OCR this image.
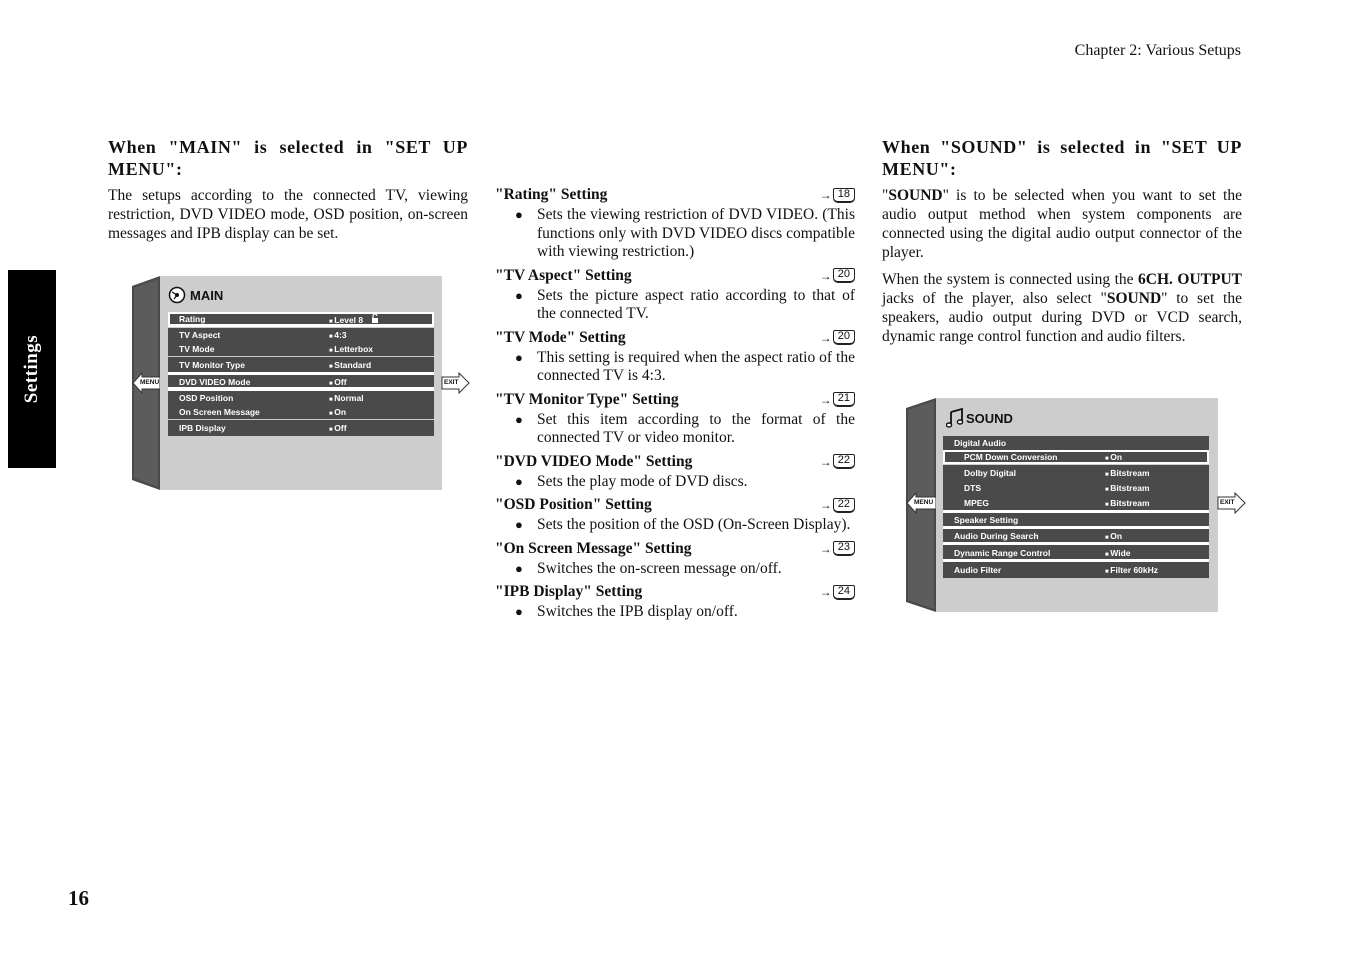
Chapter 2: Various Setups
16
Settings
When "MAIN" is selected in "SET UP
MENU":

The setups according to the connected TV, viewing restriction, DVD VIDEO mode, OSD position, on-screen messages and IPB display can be set.

MAIN
Rating	■ Level 8
TV Aspect	■ 4:3
TV Mode	■ Letterbox
TV Monitor Type	■ Standard
DVD VIDEO Mode	■ Off
OSD Position	■ Normal
On Screen Message	■ On
IPB Display	■ Off
MENU	EXIT
"Rating" Setting	→ 18
● Sets the viewing restriction of DVD VIDEO. (This functions only with DVD VIDEO discs compatible with viewing restriction.)
"TV Aspect" Setting	→ 20
● Sets the picture aspect ratio according to that of the connected TV.
"TV Mode" Setting	→ 20
● This setting is required when the aspect ratio of the connected TV is 4:3.
"TV Monitor Type" Setting	→ 21
● Set this item according to the format of the connected TV or video monitor.
"DVD VIDEO Mode" Setting	→ 22
● Sets the play mode of DVD discs.
"OSD Position" Setting	→ 22
● Sets the position of the OSD (On-Screen Display).
"On Screen Message" Setting	→ 23
● Switches the on-screen message on/off.
"IPB Display" Setting	→ 24
● Switches the IPB display on/off.
When "SOUND" is selected in "SET UP
MENU":

"SOUND" is to be selected when you want to set the audio output method when system components are connected using the digital audio output connector of the player.

When the system is connected using the 6CH. OUTPUT jacks of the player, also select "SOUND" to set the speakers, audio output during DVD or VCD search, dynamic range control function and audio filters.

SOUND
Digital Audio
PCM Down Conversion	■ On
Dolby Digital	■ Bitstream
DTS	■ Bitstream
MPEG	■ Bitstream
Speaker Setting
Audio During Search	■ On
Dynamic Range Control	■ Wide
Audio Filter	■ Filter 60kHz
MENU	EXIT
